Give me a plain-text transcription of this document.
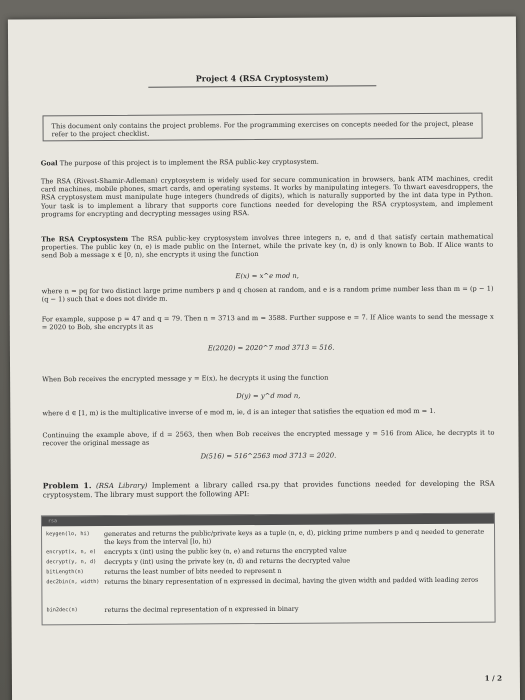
Project 4 (RSA Cryptosystem)
This document only contains the project problems. For the programming exercises on concepts needed for the project, please refer to the project checklist.
Goal The purpose of this project is to implement the RSA public-key cryptosystem.
The RSA (Rivest-Shamir-Adleman) cryptosystem is widely used for secure communication in browsers, bank ATM machines, credit card machines, mobile phones, smart cards, and operating systems. It works by manipulating integers. To thwart eavesdroppers, the RSA cryptosystem must manipulate huge integers (hundreds of digits), which is naturally supported by the int data type in Python. Your task is to implement a library that supports core functions needed for developing the RSA cryptosystem, and implement programs for encrypting and decrypting messages using RSA.
The RSA Cryptosystem The RSA public-key cryptosystem involves three integers n, e, and d that satisfy certain mathematical properties. The public key (n, e) is made public on the Internet, while the private key (n, d) is only known to Bob. If Alice wants to send Bob a message x ∈ [0, n), she encrypts it using the function
E(x) = x^e mod n,
where n = pq for two distinct large prime numbers p and q chosen at random, and e is a random prime number less than m = (p − 1)(q − 1) such that e does not divide m.
For example, suppose p = 47 and q = 79. Then n = 3713 and m = 3588. Further suppose e = 7. If Alice wants to send the message x = 2020 to Bob, she encrypts it as
E(2020) = 2020^7 mod 3713 = 516.
When Bob receives the encrypted message y = E(x), he decrypts it using the function
D(y) = y^d mod n,
where d ∈ [1, m) is the multiplicative inverse of e mod m, ie, d is an integer that satisfies the equation ed mod m = 1.
Continuing the example above, if d = 2563, then when Bob receives the encrypted message y = 516 from Alice, he decrypts it to recover the original message as
D(516) = 516^2563 mod 3713 = 2020.
Problem 1. (RSA Library) Implement a library called rsa.py that provides functions needed for developing the RSA cryptosystem. The library must support the following API:
rsa
keygen(lo, hi) generates and returns the public/private keys as a tuple (n, e, d), picking prime numbers p and q needed to generate the keys from the interval [lo, hi)
encrypt(x, n, e) encrypts x (int) using the public key (n, e) and returns the encrypted value
decrypt(y, n, d) decrypts y (int) using the private key (n, d) and returns the decrypted value
bitLength(n)	returns the least number of bits needed to represent n
dec2bin(n, width) returns the binary representation of n expressed in decimal, having the given width and padded with leading zeros
bin2dec(n)	returns the decimal representation of n expressed in binary
1 / 2
